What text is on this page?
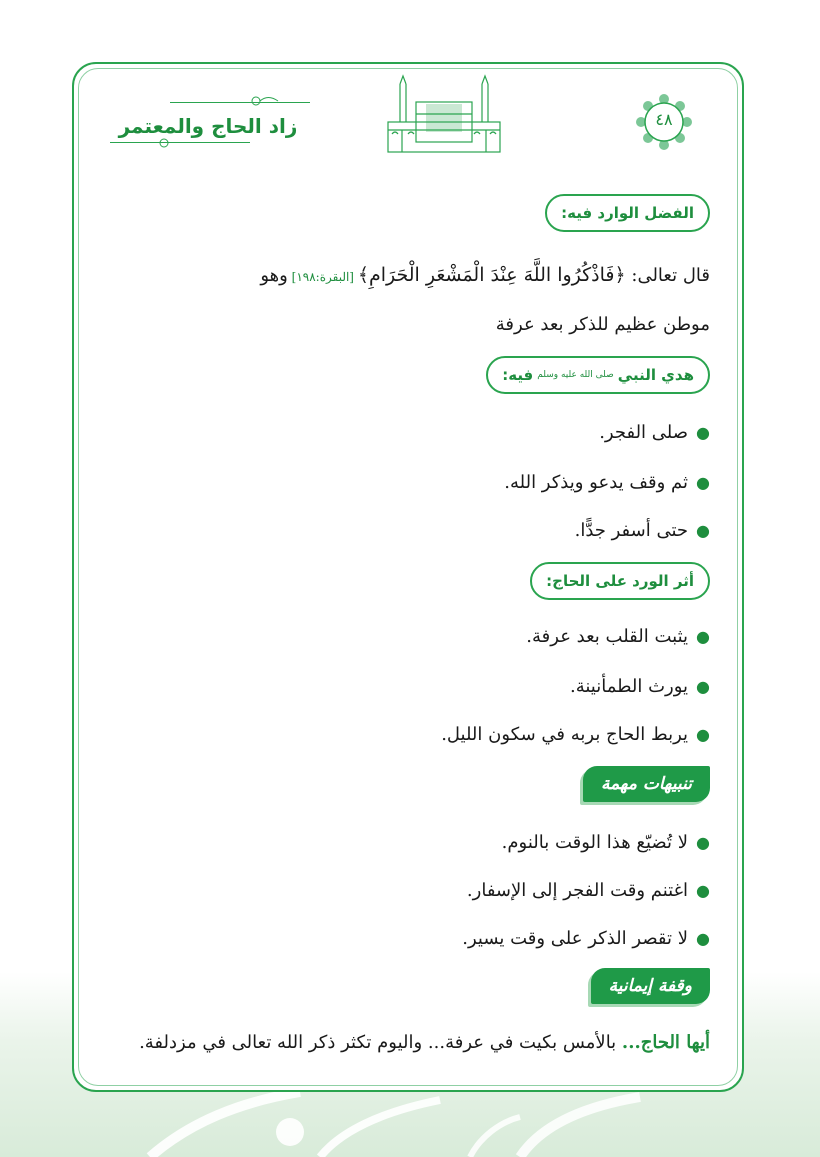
زاد الحاج والمعتمر	٤٨
الفضل الوارد فيه:
قال تعالى: ﴿فَاذْكُرُوا اللَّهَ عِنْدَ الْمَشْعَرِ الْحَرَامِ﴾ [البقرة:١٩٨] وهو
موطن عظيم للذكر بعد عرفة
هدي النبي
صلى الله عليه وسلم
فيه:
●
صلى الفجر.
●
ثم وقف يدعو ويذكر الله.
●
حتى أسفر جدًّا.
أثر الورد على الحاج:
●
يثبت القلب بعد عرفة.
●
يورث الطمأنينة.
●
يربط الحاج بربه في سكون الليل.
تنبيهات مهمة
●
لا تُضيّع هذا الوقت بالنوم.
●
اغتنم وقت الفجر إلى الإسفار.
●
لا تقصر الذكر على وقت يسير.
وقفة إيمانية
أيها الحاج... بالأمس بكيت في عرفة... واليوم تكثر ذكر الله تعالى في مزدلفة.
